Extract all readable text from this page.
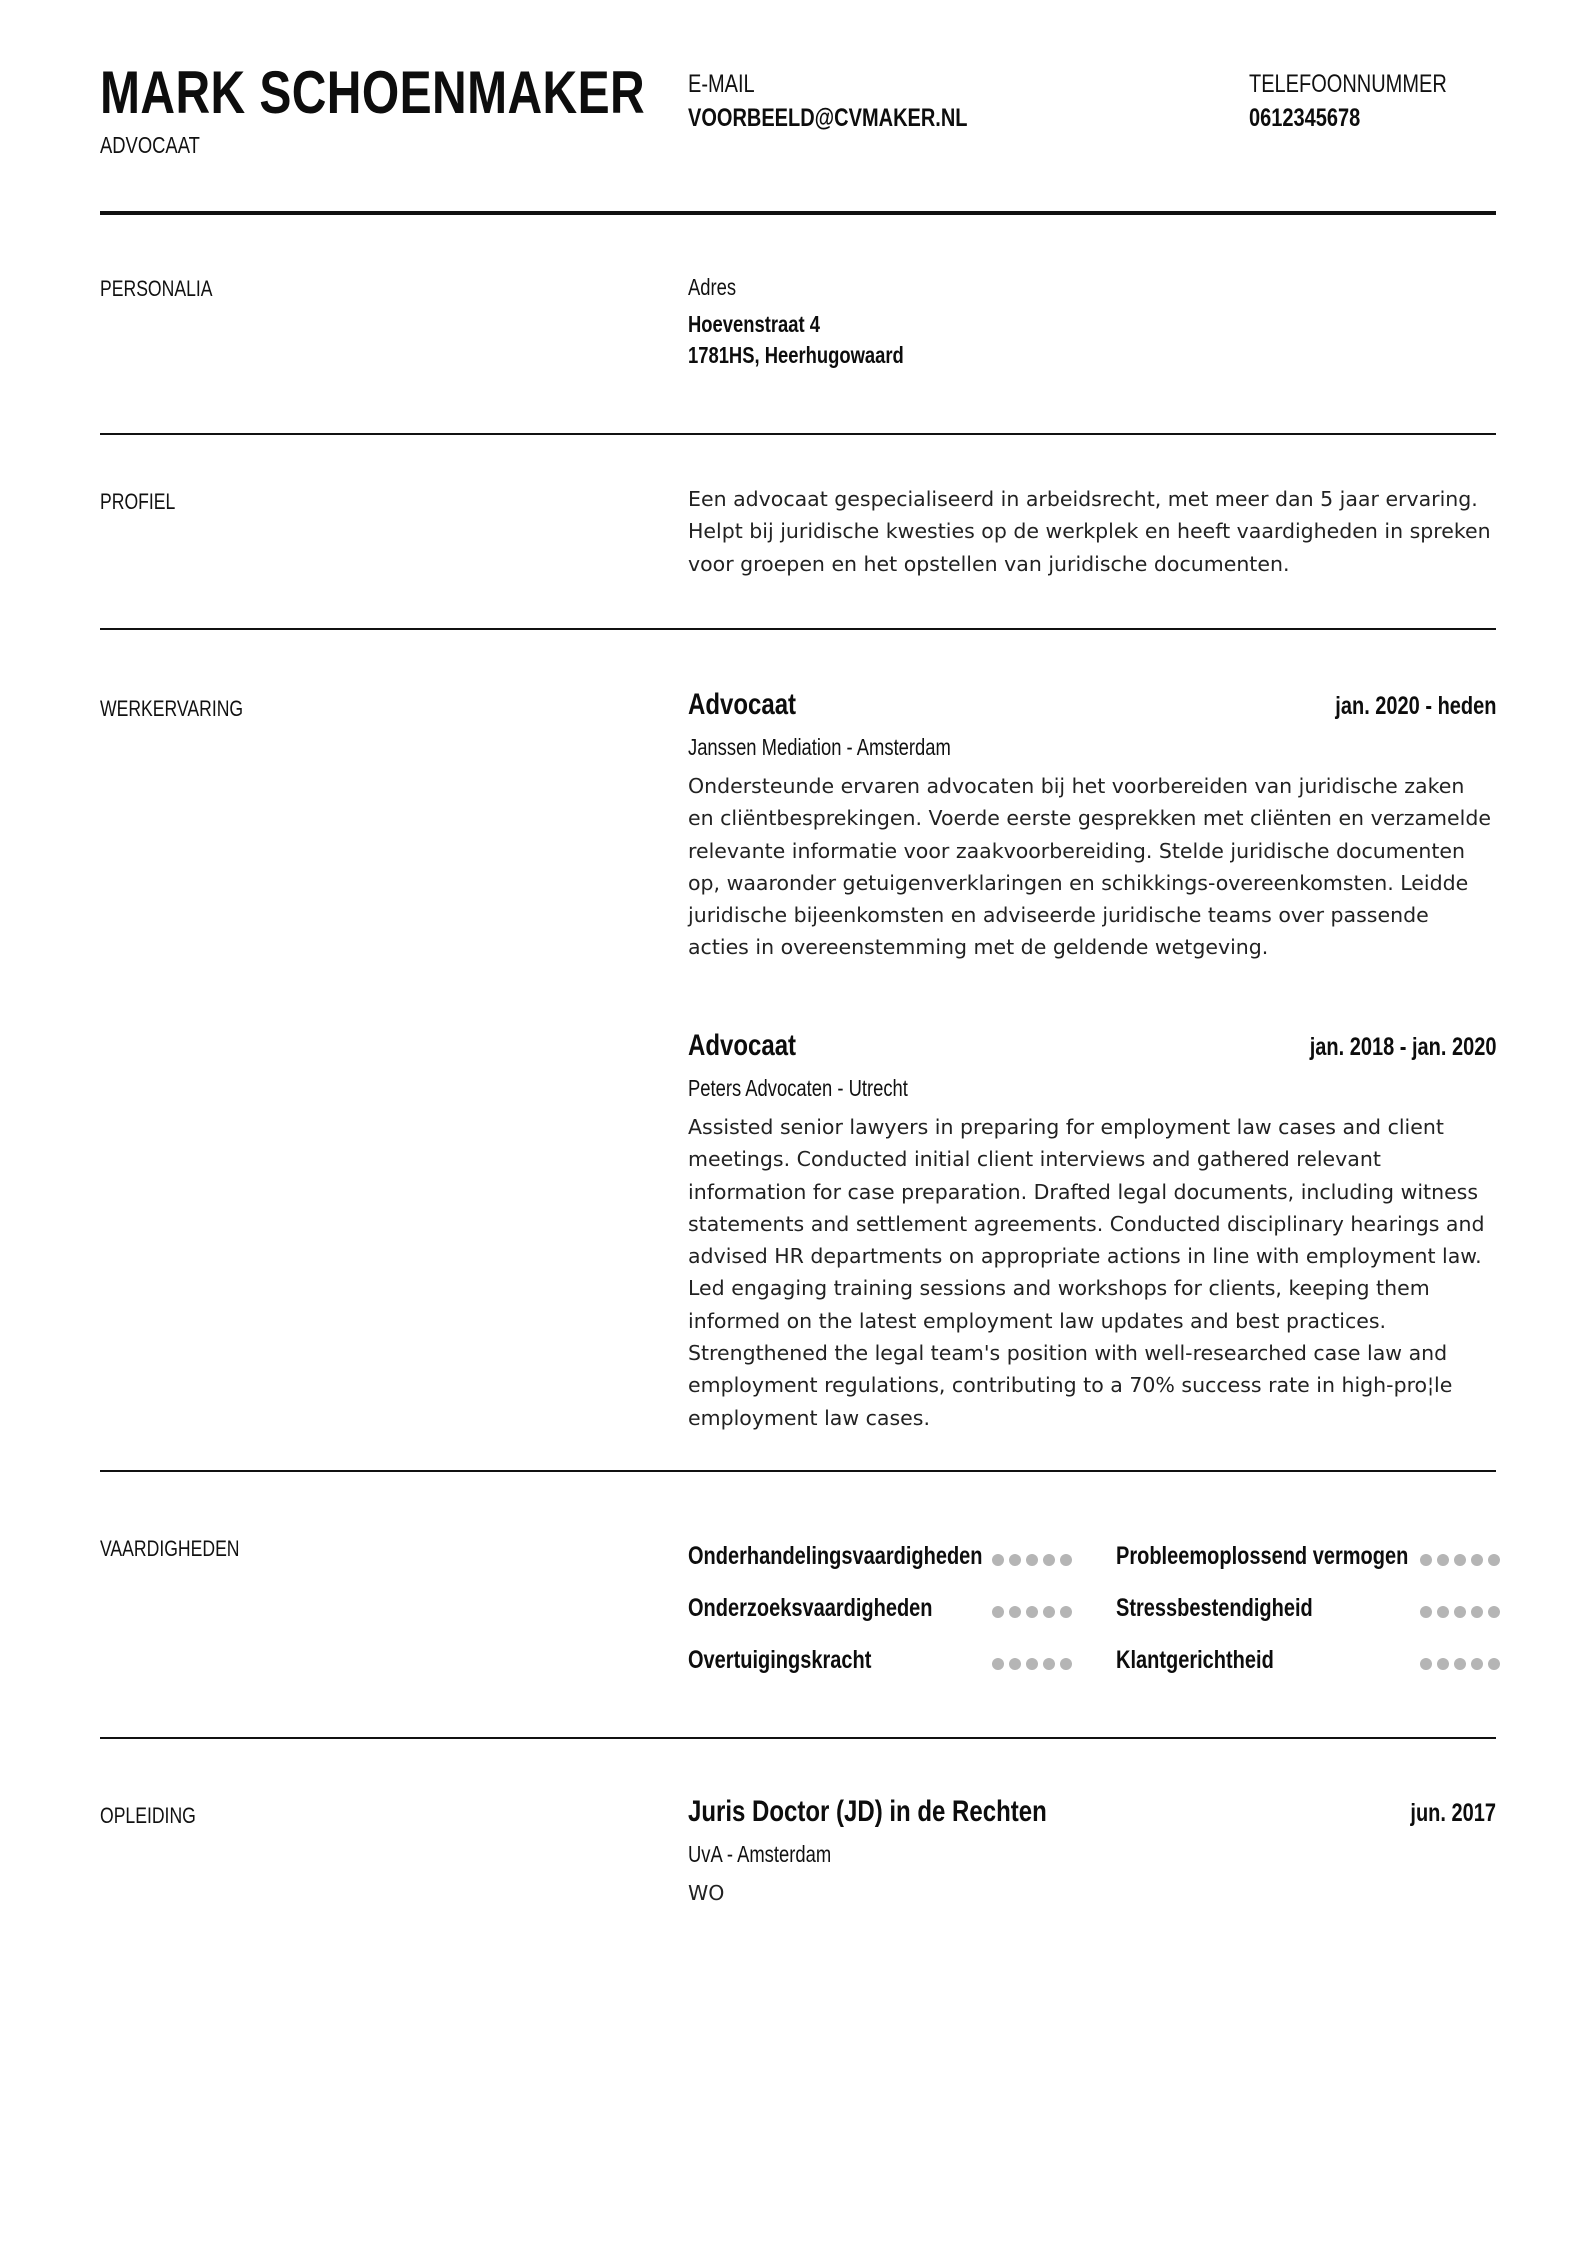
MARK SCHOENMAKER
ADVOCAAT
E-MAIL
VOORBEELD@CVMAKER.NL
TELEFOONNUMMER
0612345678
PERSONALIA	Adres
Hoevenstraat 4
1781HS, Heerhugowaard
PROFIEL	Een advocaat gespecialiseerd in arbeidsrecht, met meer dan 5 jaar ervaring. Helpt bij juridische kwesties op de werkplek en heeft vaardigheden in spreken voor groepen en het opstellen van juridische documenten.
WERKERVARING	Advocaat	jan. 2020 - heden
Janssen Mediation - Amsterdam
Ondersteunde ervaren advocaten bij het voorbereiden van juridische zaken en cliëntbesprekingen. Voerde eerste gesprekken met cliënten en verzamelde relevante informatie voor zaakvoorbereiding. Stelde juridische documenten op, waaronder getuigenverklaringen en schikkings-overeenkomsten. Leidde juridische bijeenkomsten en adviseerde juridische teams over passende acties in overeenstemming met de geldende wetgeving.
Advocaat	jan. 2018 - jan. 2020
Peters Advocaten - Utrecht
Assisted senior lawyers in preparing for employment law cases and client meetings. Conducted initial client interviews and gathered relevant information for case preparation. Drafted legal documents, including witness statements and settlement agreements. Conducted disciplinary hearings and advised HR departments on appropriate actions in line with employment law. Led engaging training sessions and workshops for clients, keeping them informed on the latest employment law updates and best practices. Strengthened the legal team's position with well-researched case law and employment regulations, contributing to a 70% success rate in high-pro¦le employment law cases.
VAARDIGHEDEN	Onderhandelingsvaardigheden	Probleemoplossend vermogen
Onderzoeksvaardigheden	Stressbestendigheid
Overtuigingskracht	Klantgerichtheid
OPLEIDING	Juris Doctor (JD) in de Rechten	jun. 2017
UvA - Amsterdam
WO
